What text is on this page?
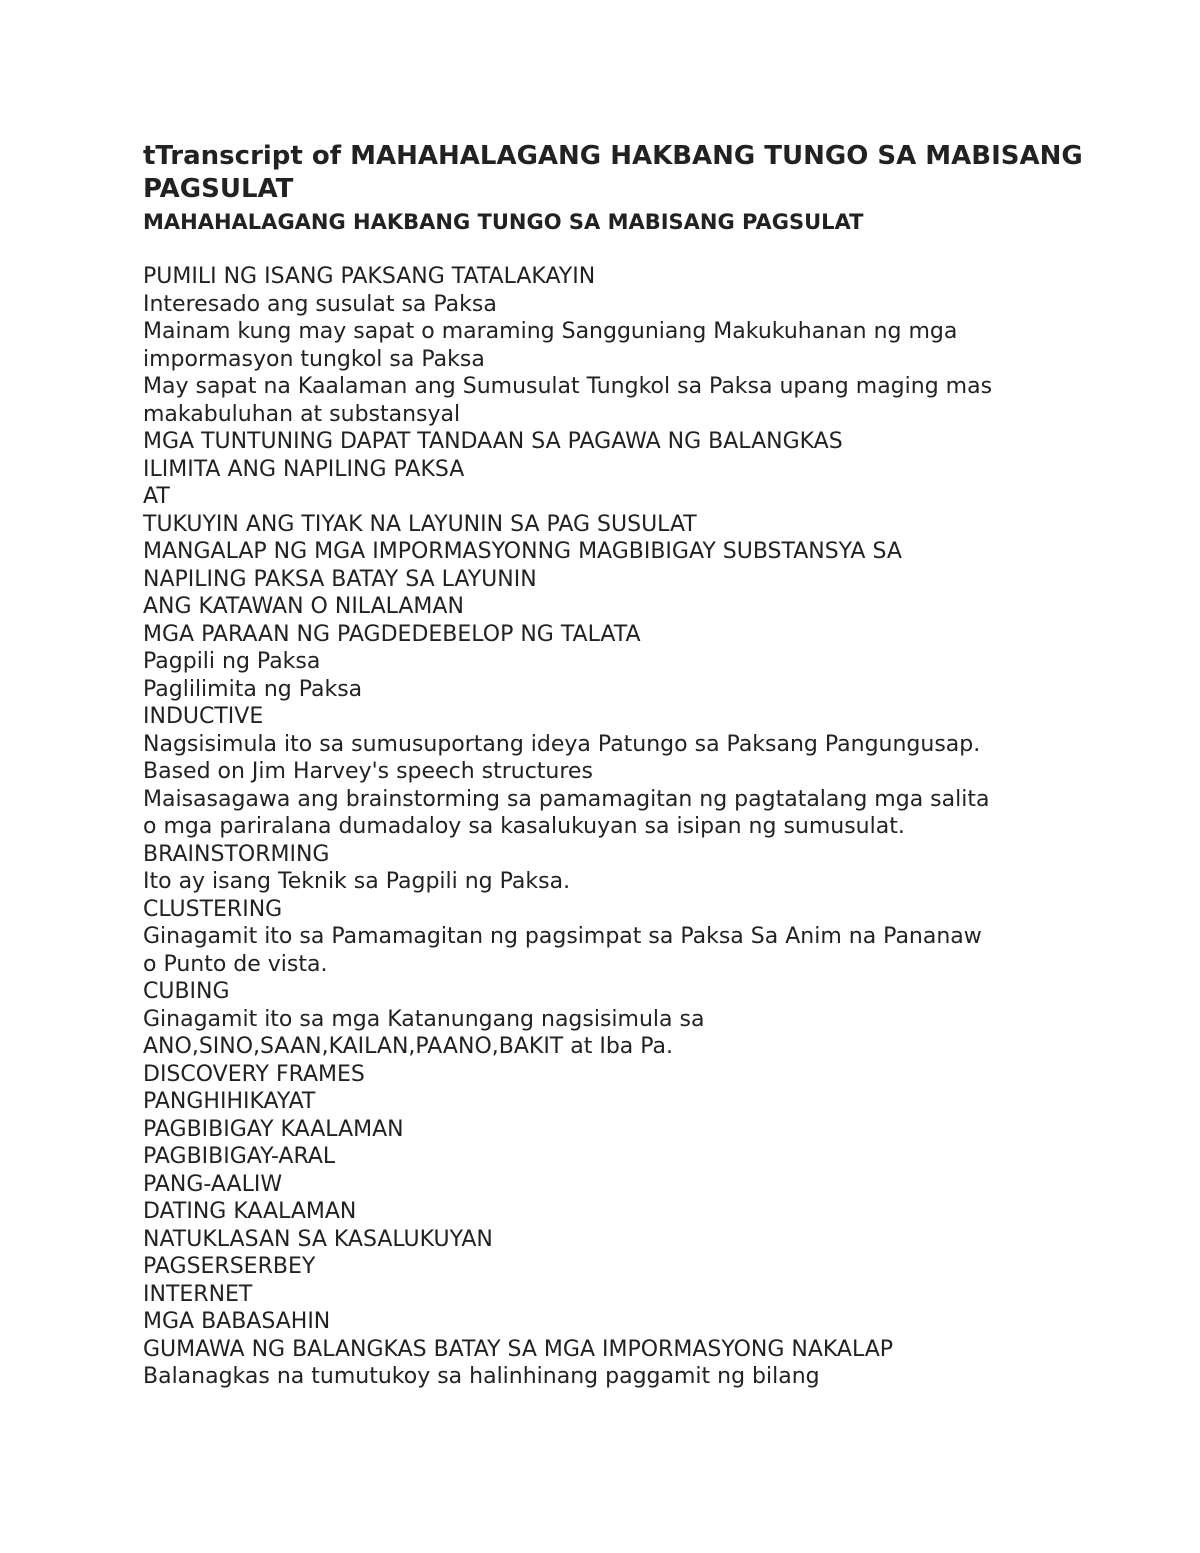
tTranscript of MAHAHALAGANG HAKBANG TUNGO SA MABISANG PAGSULAT
MAHAHALAGANG HAKBANG TUNGO SA MABISANG PAGSULAT
PUMILI NG ISANG PAKSANG TATALAKAYIN
Interesado ang susulat sa Paksa
Mainam kung may sapat o maraming Sangguniang Makukuhanan ng mga
impormasyon tungkol sa Paksa
May sapat na Kaalaman ang Sumusulat Tungkol sa Paksa upang maging mas
makabuluhan at substansyal
MGA TUNTUNING DAPAT TANDAAN SA PAGAWA NG BALANGKAS
ILIMITA ANG NAPILING PAKSA
AT
TUKUYIN ANG TIYAK NA LAYUNIN SA PAG SUSULAT
MANGALAP NG MGA IMPORMASYONNG MAGBIBIGAY SUBSTANSYA SA
NAPILING PAKSA BATAY SA LAYUNIN
ANG KATAWAN O NILALAMAN
MGA PARAAN NG PAGDEDEBELOP NG TALATA
Pagpili ng Paksa
Paglilimita ng Paksa
INDUCTIVE
Nagsisimula ito sa sumusuportang ideya Patungo sa Paksang Pangungusap.
Based on Jim Harvey's speech structures
Maisasagawa ang brainstorming sa pamamagitan ng pagtatalang mga salita
o mga pariralana dumadaloy sa kasalukuyan sa isipan ng sumusulat.
BRAINSTORMING
Ito ay isang Teknik sa Pagpili ng Paksa.
CLUSTERING
Ginagamit ito sa Pamamagitan ng pagsimpat sa Paksa Sa Anim na Pananaw
o Punto de vista.
CUBING
Ginagamit ito sa mga Katanungang nagsisimula sa
ANO,SINO,SAAN,KAILAN,PAANO,BAKIT at Iba Pa.
DISCOVERY FRAMES
PANGHIHIKAYAT
PAGBIBIGAY KAALAMAN
PAGBIBIGAY-ARAL
PANG-AALIW
DATING KAALAMAN
NATUKLASAN SA KASALUKUYAN
PAGSERSERBEY
INTERNET
MGA BABASAHIN
GUMAWA NG BALANGKAS BATAY SA MGA IMPORMASYONG NAKALAP
Balanagkas na tumutukoy sa halinhinang paggamit ng bilang
